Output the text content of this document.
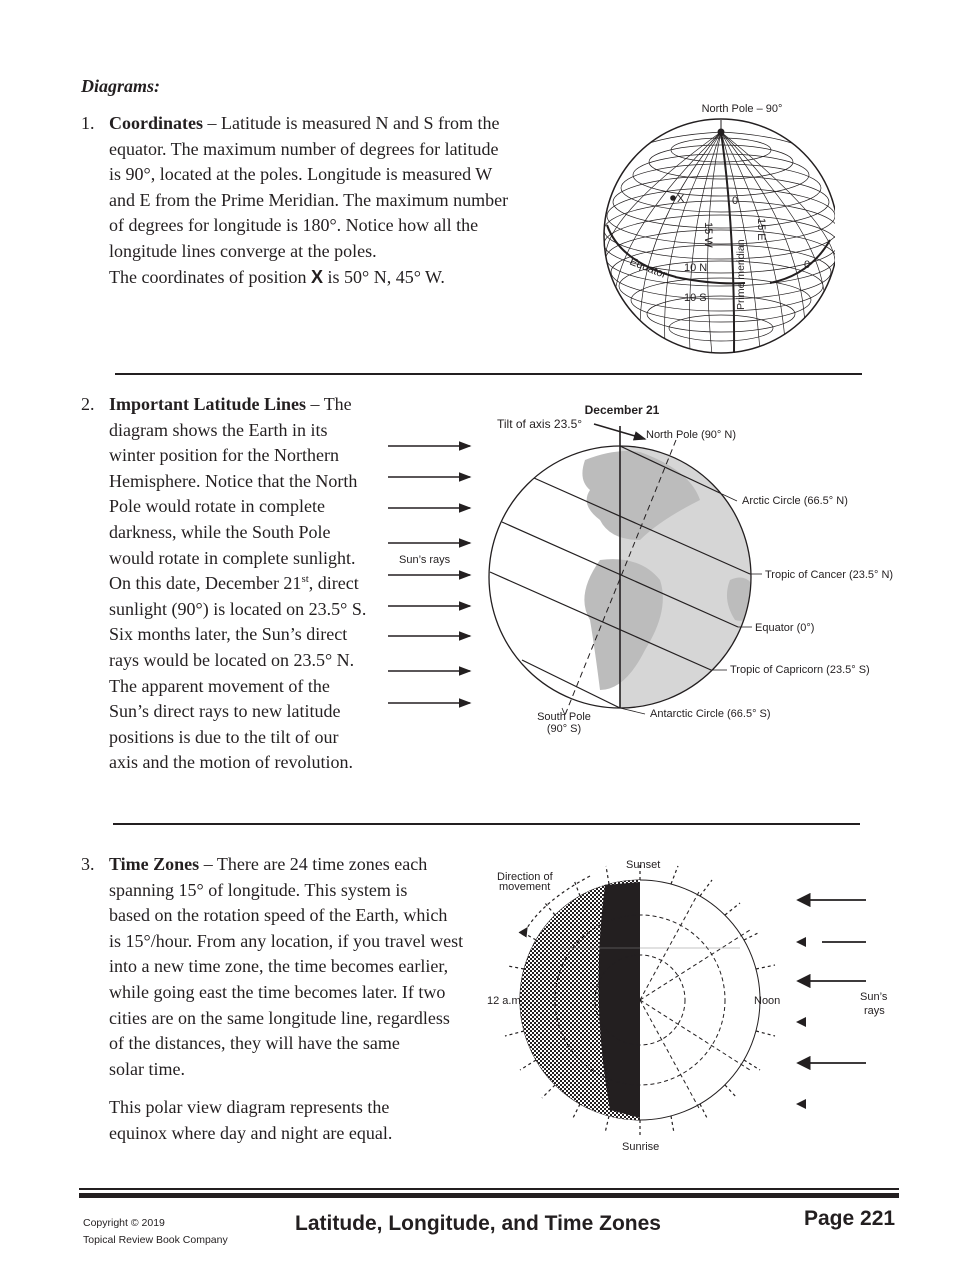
Diagrams:
1. Coordinates – Latitude is measured N and S from the
equator. The maximum number of degrees for latitude
is 90°, located at the poles. Longitude is measured W
and E from the Prime Meridian. The maximum number
of degrees for longitude is 180°. Notice how all the
longitude lines converge at the poles.
The coordinates of position X is 50° N, 45° W.
North Pole – 90°
X	0
0
15 W	15 E
10 N
10 S
Equator	Prime meridian
2. Important Latitude Lines – The
diagram shows the Earth in its
winter position for the Northern
Hemisphere. Notice that the North
Pole would rotate in complete
darkness, while the South Pole
would rotate in complete sunlight.
On this date, December 21st, direct
sunlight (90°) is located on 23.5° S.
Six months later, the Sun’s direct
rays would be located on 23.5° N.
The apparent movement of the
Sun’s direct rays to new latitude
positions is due to the tilt of our
axis and the motion of revolution.
Sun’s rays
December 21
Tilt of axis 23.5°
North Pole (90° N)
Arctic Circle (66.5° N)
Tropic of Cancer (23.5° N)
Equator (0°)
Tropic of Capricorn (23.5° S)
Antarctic Circle (66.5° S)
South Pole
(90° S)
3. Time Zones – There are 24 time zones each
spanning 15° of longitude. This system is
based on the rotation speed of the Earth, which
is 15°/hour. From any location, if you travel west
into a new time zone, the time becomes earlier,
while going east the time becomes later. If two
cities are on the same longitude line, regardless
of the distances, they will have the same
solar time.
This polar view diagram represents the
equinox where day and night are equal.
Sunset
Sunrise
12 a.m.	Noon
Direction of
movement
Sun’s
rays
Copyright © 2019
Topical Review Book Company
Latitude, Longitude, and Time Zones	Page 221
